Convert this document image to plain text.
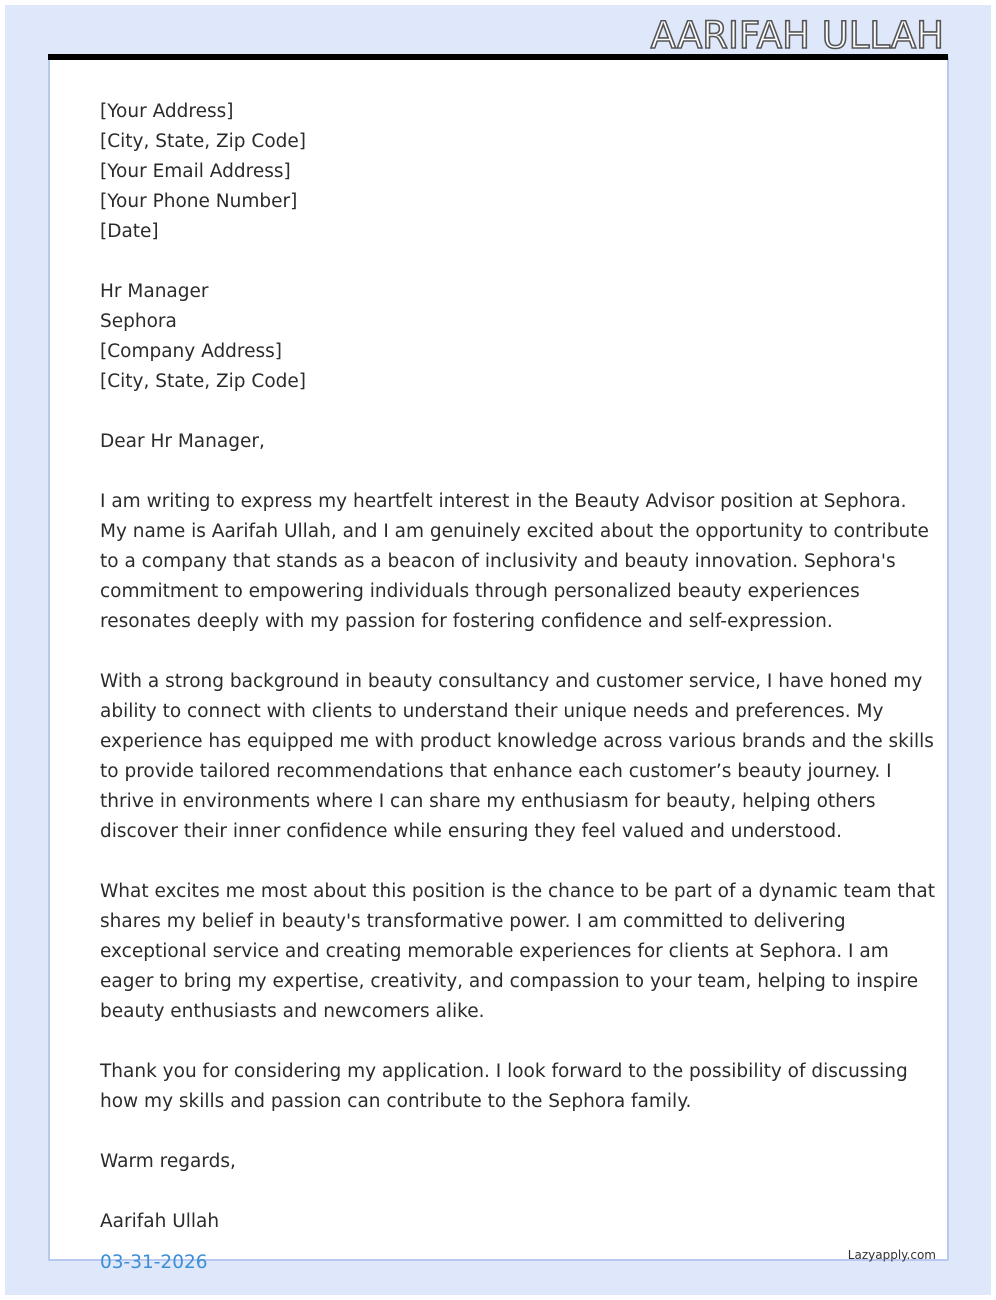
AARIFAH ULLAH
[Your Address]
[City, State, Zip Code]
[Your Email Address]
[Your Phone Number]
[Date]
Hr Manager
Sephora
[Company Address]
[City, State, Zip Code]
Dear Hr Manager,
I am writing to express my heartfelt interest in the Beauty Advisor position at Sephora.
My name is Aarifah Ullah, and I am genuinely excited about the opportunity to contribute
to a company that stands as a beacon of inclusivity and beauty innovation. Sephora's
commitment to empowering individuals through personalized beauty experiences
resonates deeply with my passion for fostering confidence and self-expression.
With a strong background in beauty consultancy and customer service, I have honed my
ability to connect with clients to understand their unique needs and preferences. My
experience has equipped me with product knowledge across various brands and the skills
to provide tailored recommendations that enhance each customer’s beauty journey. I
thrive in environments where I can share my enthusiasm for beauty, helping others
discover their inner confidence while ensuring they feel valued and understood.
What excites me most about this position is the chance to be part of a dynamic team that
shares my belief in beauty's transformative power. I am committed to delivering
exceptional service and creating memorable experiences for clients at Sephora. I am
eager to bring my expertise, creativity, and compassion to your team, helping to inspire
beauty enthusiasts and newcomers alike.
Thank you for considering my application. I look forward to the possibility of discussing
how my skills and passion can contribute to the Sephora family.
Warm regards,
Aarifah Ullah
03-31-2026	Lazyapply.com
